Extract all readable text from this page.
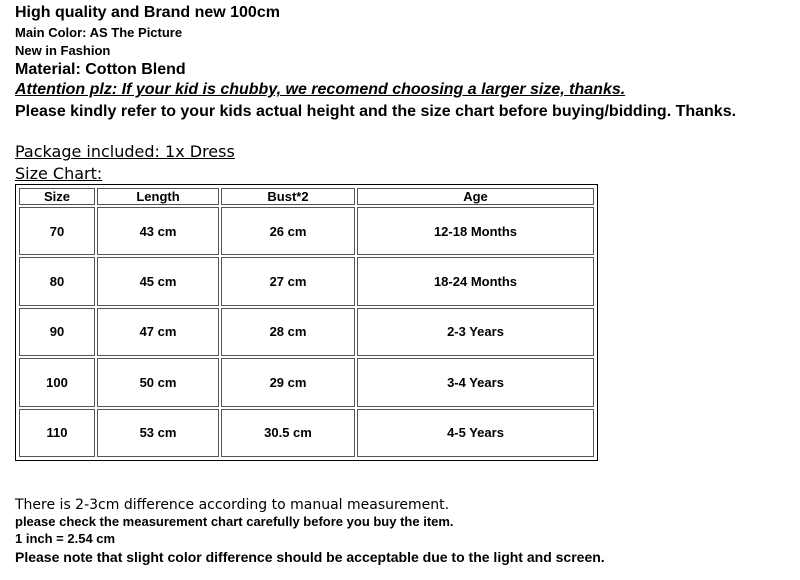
High quality and Brand new 100cm
Main Color: AS The Picture
New in Fashion
Material: Cotton Blend
Attention plz: If your kid is chubby, we recomend choosing a larger size, thanks.
Please kindly refer to your kids actual height and the size chart before buying/bidding. Thanks.
Package included: 1x Dress
Size Chart:
Size	Length	Bust*2	Age
70	43 cm	26 cm	12-18 Months
80	45 cm	27 cm	18-24 Months
90	47 cm	28 cm	2-3 Years
100	50 cm	29 cm	3-4 Years
110	53 cm	30.5 cm	4-5 Years
There is 2-3cm difference according to manual measurement.
please check the measurement chart carefully before you buy the item.
1 inch = 2.54 cm
Please note that slight color difference should be acceptable due to the light and screen.
